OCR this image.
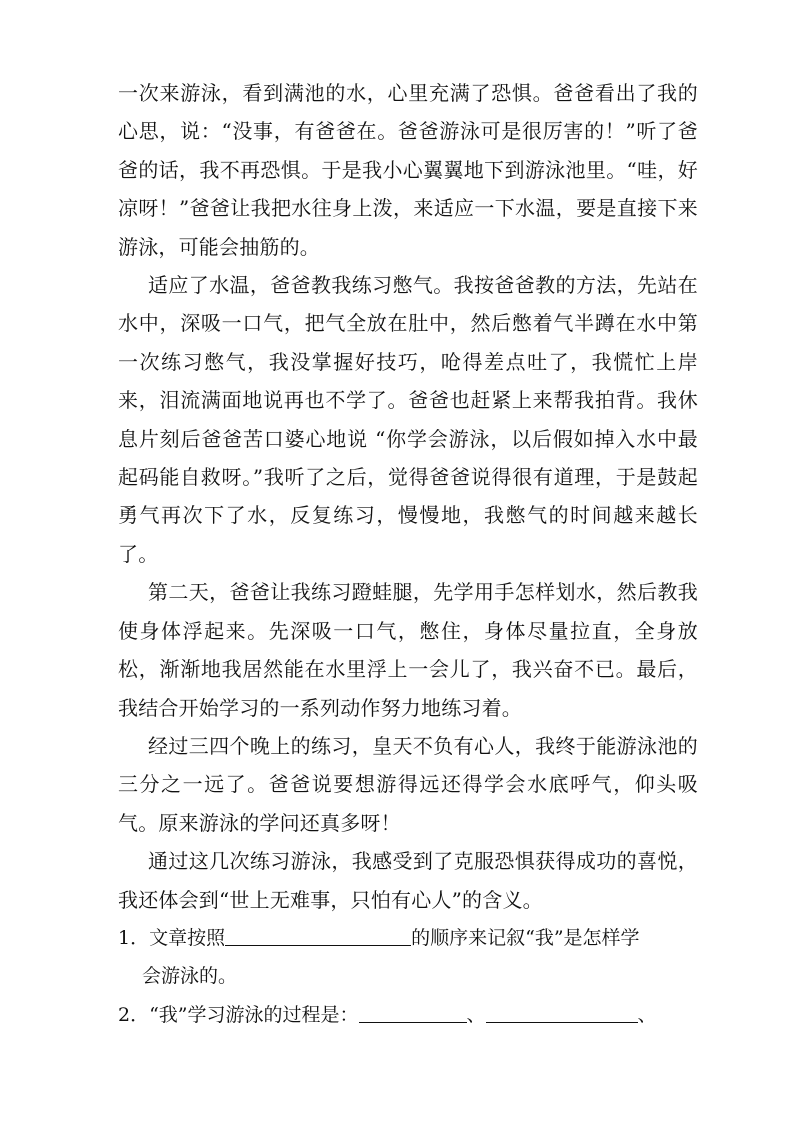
一次来游泳，看到满池的水，心里充满了恐惧。爸爸看出了我的心思，说：“没事，有爸爸在。爸爸游泳可是很厉害的！”听了爸爸的话，我不再恐惧。于是我小心翼翼地下到游泳池里。“哇，好凉呀！”爸爸让我把水往身上泼，来适应一下水温，要是直接下来游泳，可能会抽筋的。

适应了水温，爸爸教我练习憋气。我按爸爸教的方法，先站在水中，深吸一口气，把气全放在肚中，然后憋着气半蹲在水中第一次练习憋气，我没掌握好技巧，呛得差点吐了，我慌忙上岸来，泪流满面地说再也不学了。爸爸也赶紧上来帮我拍背。我休息片刻后爸爸苦口婆心地说 “你学会游泳，以后假如掉入水中最起码能自救呀。”我听了之后，觉得爸爸说得很有道理，于是鼓起勇气再次下了水，反复练习，慢慢地，我憋气的时间越来越长了。

第二天，爸爸让我练习蹬蛙腿，先学用手怎样划水，然后教我使身体浮起来。先深吸一口气，憋住，身体尽量拉直，全身放松，渐渐地我居然能在水里浮上一会儿了，我兴奋不已。最后，我结合开始学习的一系列动作努力地练习着。

经过三四个晚上的练习，皇天不负有心人，我终于能游泳池的三分之一远了。爸爸说要想游得远还得学会水底呼气，仰头吸气。原来游泳的学问还真多呀！

通过这几次练习游泳，我感受到了克服恐惧获得成功的喜悦，我还体会到“世上无难事，只怕有心人”的含义。

1．文章按照	的顺序来记叙“我”是怎样学

会游泳的。

2．“我”学习游泳的过程是：	、	、
